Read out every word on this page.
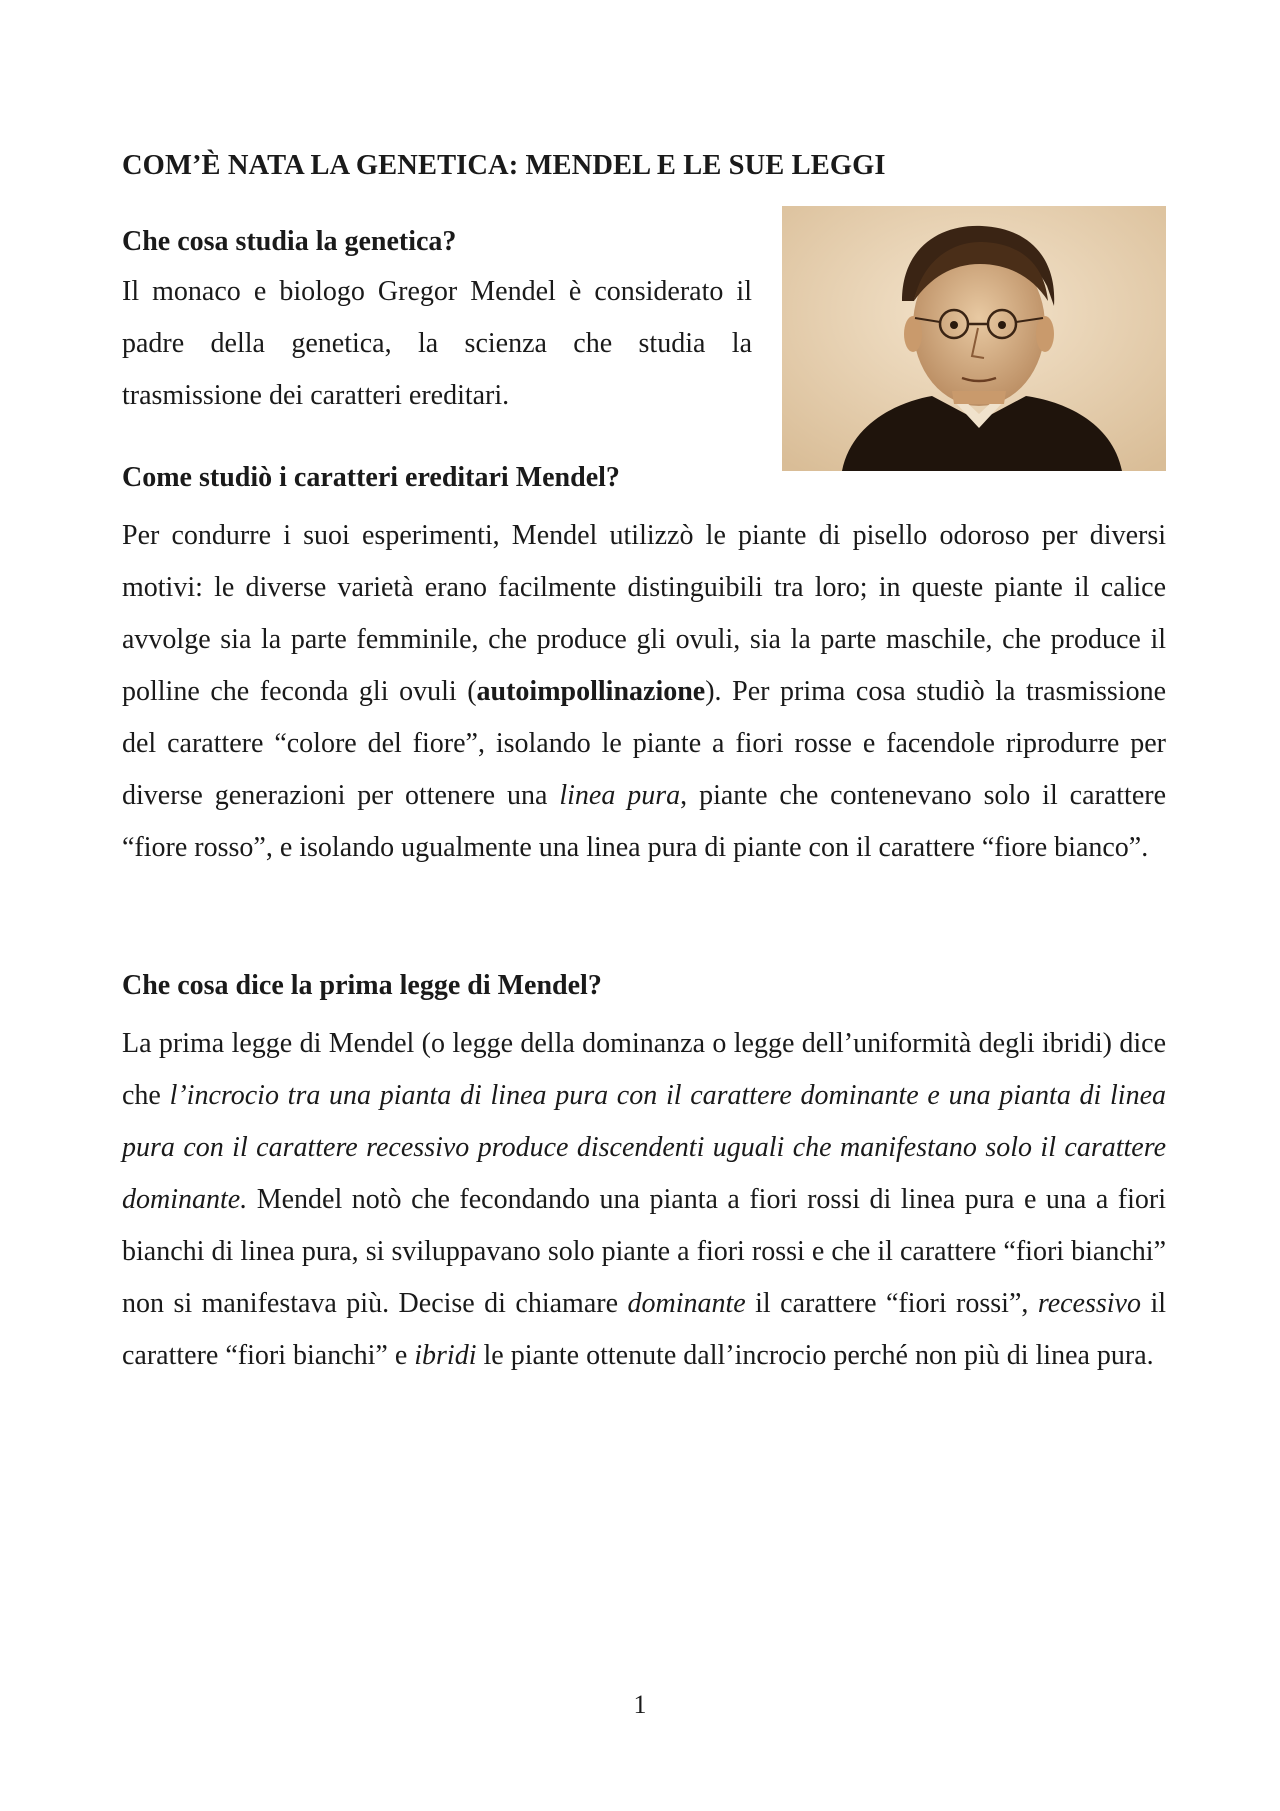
COM’È NATA LA GENETICA: MENDEL E LE SUE LEGGI
Che cosa studia la genetica?
Il monaco e biologo Gregor Mendel è considerato il padre della genetica, la scienza che studia la trasmissione dei caratteri ereditari.
Come studiò i caratteri ereditari Mendel?
Per condurre i suoi esperimenti, Mendel utilizzò le piante di pisello odoroso per diversi motivi: le diverse varietà erano facilmente distinguibili tra loro; in queste piante il calice avvolge sia la parte femminile, che produce gli ovuli, sia la parte maschile, che produce il polline che feconda gli ovuli (autoimpollinazione). Per prima cosa studiò la trasmissione del carattere “colore del fiore”, isolando le piante a fiori rosse e facendole riprodurre per diverse generazioni per ottenere una linea pura, piante che contenevano solo il carattere “fiore rosso”, e isolando ugualmente una linea pura di piante con il carattere “fiore bianco”.
Che cosa dice la prima legge di Mendel?
La prima legge di Mendel (o legge della dominanza o legge dell’uniformità degli ibridi) dice che l’incrocio tra una pianta di linea pura con il carattere dominante e una pianta di linea pura con il carattere recessivo produce discendenti uguali che manifestano solo il carattere dominante. Mendel notò che fecondando una pianta a fiori rossi di linea pura e una a fiori bianchi di linea pura, si sviluppavano solo piante a fiori rossi e che il carattere “fiori bianchi” non si manifestava più. Decise di chiamare dominante il carattere “fiori rossi”, recessivo il carattere “fiori bianchi” e ibridi le piante ottenute dall’incrocio perché non più di linea pura.
1
